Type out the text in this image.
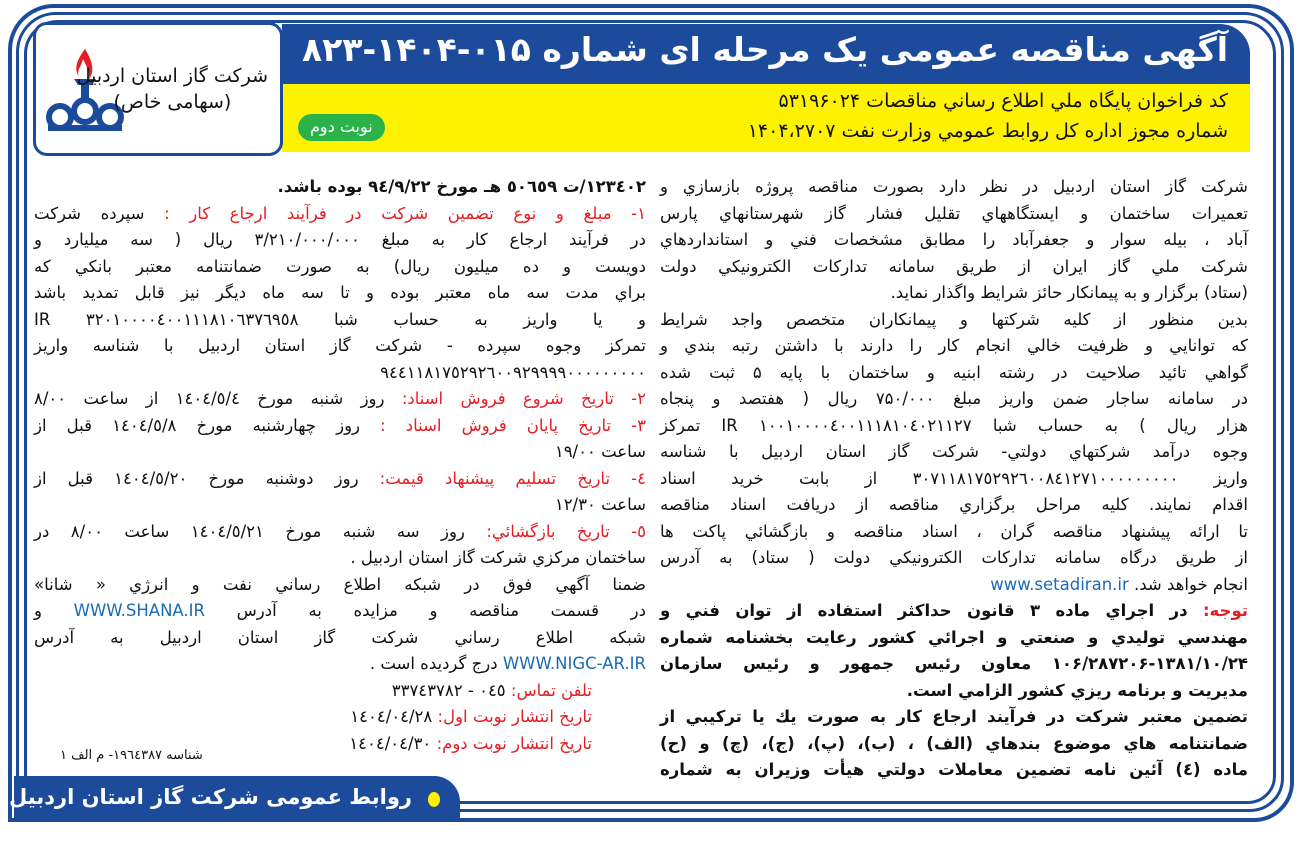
آگهی مناقصه عمومی یک مرحله ای شماره ۰۱۵-۱۴۰۴-۸۲۳
کد فراخوان پایگاه ملي اطلاع رساني مناقصات ۵۳۱۹۶۰۲۴
شماره مجوز اداره کل روابط عمومي وزارت نفت ۱۴۰۴،۲۷۰۷
نوبت دوم
شرکت گاز استان اردبیل
(سهامی خاص)
شركت گاز استان اردبيل در نظر دارد بصورت مناقصه پروژه بازسازي و
تعميرات ساختمان و ايستگاههاي تقليل فشار گاز شهرستانهاي پارس
آباد ، بيله سوار و جعفرآباد را مطابق مشخصات فني و استانداردهاي
شركت ملي گاز ايران از طريق سامانه تداركات الكترونيكي دولت
(ستاد) برگزار و به پيمانكار حائز شرايط واگذار نمايد.
بدين منظور از كليه شركتها و پيمانكاران متخصص واجد شرايط
كه توانايي و ظرفيت خالي انجام كار را دارند با داشتن رتبه بندي و
گواهي تائيد صلاحيت در رشته ابنيه و ساختمان با پايه ۵ ثبت شده
در سامانه ساجار ضمن واريز مبلغ ۷۵۰/۰۰۰ ريال ( هفتصد و پنجاه
هزار ريال ) به حساب شبا ١٠٠١٠٠٠٠٤٠٠١١١٨١٠٤٠٢١١٢٧ IR تمركز
وجوه درآمد شركتهاي دولتي- شركت گاز استان اردبيل با شناسه
واريز ٣٠٧١١٨١٧٥٢٩٢٦٠٠٨٤١٢٧١٠٠٠٠٠٠٠٠٠ از بابت خريد اسناد
اقدام نمايند. كليه مراحل برگزاري مناقصه از دريافت اسناد مناقصه
تا ارائه پيشنهاد مناقصه گران ، اسناد مناقصه و بازگشائي پاكت ها
از طريق درگاه سامانه تداركات الكترونيكي دولت ( ستاد) به آدرس
انجام خواهد شد. www.setadiran.ir
توجه: در اجراي ماده ۳ قانون حداكثر استفاده از توان فني و
مهندسي توليدي و صنعتي و اجرائي كشور رعايت بخشنامه شماره
۱۰۶/۲۸۷۲۰۶-۱۳۸۱/۱۰/۲۴ معاون رئيس جمهور و رئيس سازمان
مديريت و برنامه ريزي كشور الزامي است.
تضمين معتبر شركت در فرآيند ارجاع كار به صورت يك يا تركيبي از
ضمانتنامه هاي موضوع بندهاي (الف) ، (ب)، (پ)، (ج)، (چ) و (ح)
ماده (٤) آئين نامه تضمين معاملات دولتي هيأت وزيران به شماره
١٢٣٤٠٢/ت ٥٠٦٥٩ هـ مورخ ٩٤/٩/٢٢ بوده باشد.
١- مبلغ و نوع تضمين شركت در فرآيند ارجاع كار : سپرده شركت
در فرآيند ارجاع كار به مبلغ ٣/٢١٠/٠٠٠/٠٠٠ ريال ( سه ميليارد و
دويست و ده ميليون ريال) به صورت ضمانتنامه معتبر بانكي كه
براي مدت سه ماه معتبر بوده و تا سه ماه ديگر نيز قابل تمديد باشد
و يا واريز به حساب شبا ٣٢٠١٠٠٠٠٤٠٠١١١٨١٠٦٣٧٦٩٥٨ IR
تمركز وجوه سپرده - شركت گاز استان اردبيل با شناسه واريز
٩٤٤١١٨١٧٥٢٩٢٦٠٠٩٢٩٩٩٩٠٠٠٠٠٠٠٠٠
٢- تاريخ شروع فروش اسناد: روز شنبه مورخ ١٤٠٤/٥/٤ از ساعت ٨/٠٠
٣- تاريخ پايان فروش اسناد : روز چهارشنبه مورخ ١٤٠٤/٥/٨ قبل از
ساعت ١٩/٠٠
٤- تاريخ تسليم پيشنهاد قيمت: روز دوشنبه مورخ ١٤٠٤/٥/٢٠ قبل از
ساعت ١٢/٣٠
٥- تاريخ بازگشائي: روز سه شنبه مورخ ١٤٠٤/٥/٢١ ساعت ٨/٠٠ در
ساختمان مركزي شركت گاز استان اردبيل .
ضمنا آگهي فوق در شبكه اطلاع رساني نفت و انرژي « شانا»
در قسمت مناقصه و مزايده به آدرس WWW.SHANA.IR و
شبكه اطلاع رساني شركت گاز استان اردبيل به آدرس
WWW.NIGC-AR.IR درج گرديده است .
تلفن تماس: ٠٤٥ - ٣٣٧٤٣٧٨٢
تاريخ انتشار نوبت اول: ١٤٠٤/٠٤/٢٨
تاريخ انتشار نوبت دوم: ١٤٠٤/٠٤/٣٠
شناسه ١٩٦٤٣٨٧- م الف ١
روابط عمومی شرکت گاز استان اردبیل
